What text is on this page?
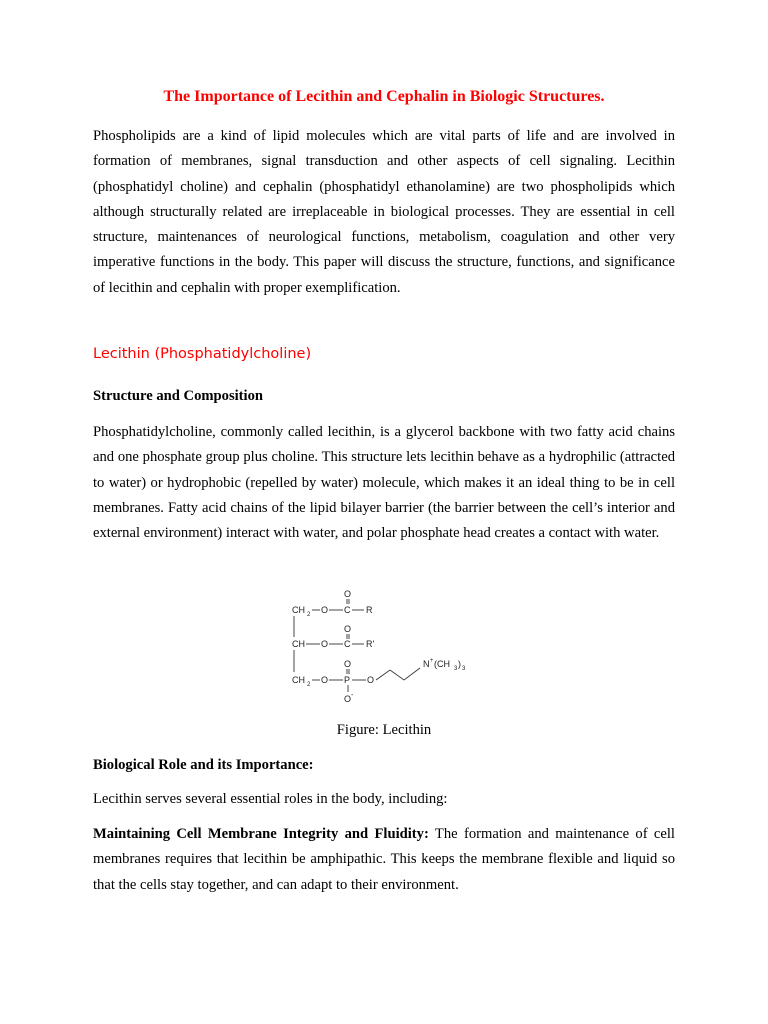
The Importance of Lecithin and Cephalin in Biologic Structures.

Phospholipids are a kind of lipid molecules which are vital parts of life and are involved in formation of membranes, signal transduction and other aspects of cell signaling. Lecithin (phosphatidyl choline) and cephalin (phosphatidyl ethanolamine) are two phospholipids which although structurally related are irreplaceable in biological processes. They are essential in cell structure, maintenances of neurological functions, metabolism, coagulation and other very imperative functions in the body. This paper will discuss the structure, functions, and significance of lecithin and cephalin with proper exemplification.

Lecithin (Phosphatidylcholine)
Structure and Composition

Phosphatidylcholine, commonly called lecithin, is a glycerol backbone with two fatty acid chains and one phosphate group plus choline. This structure lets lecithin behave as a hydrophilic (attracted to water) or hydrophobic (repelled by water) molecule, which makes it an ideal thing to be in cell membranes. Fatty acid chains of the lipid bilayer barrier (the barrier between the cell’s interior and external environment) interact with water, and polar phosphate head creates a contact with water.

O
CH 2 O C R
O
CH O C R'
O
CH 2 O P O
O -
N + (CH 3 ) 3

Figure: Lecithin

Biological Role and its Importance:

Lecithin serves several essential roles in the body, including:

Maintaining Cell Membrane Integrity and Fluidity: The formation and maintenance of cell membranes requires that lecithin be amphipathic. This keeps the membrane flexible and liquid so that the cells stay together, and can adapt to their environment.
